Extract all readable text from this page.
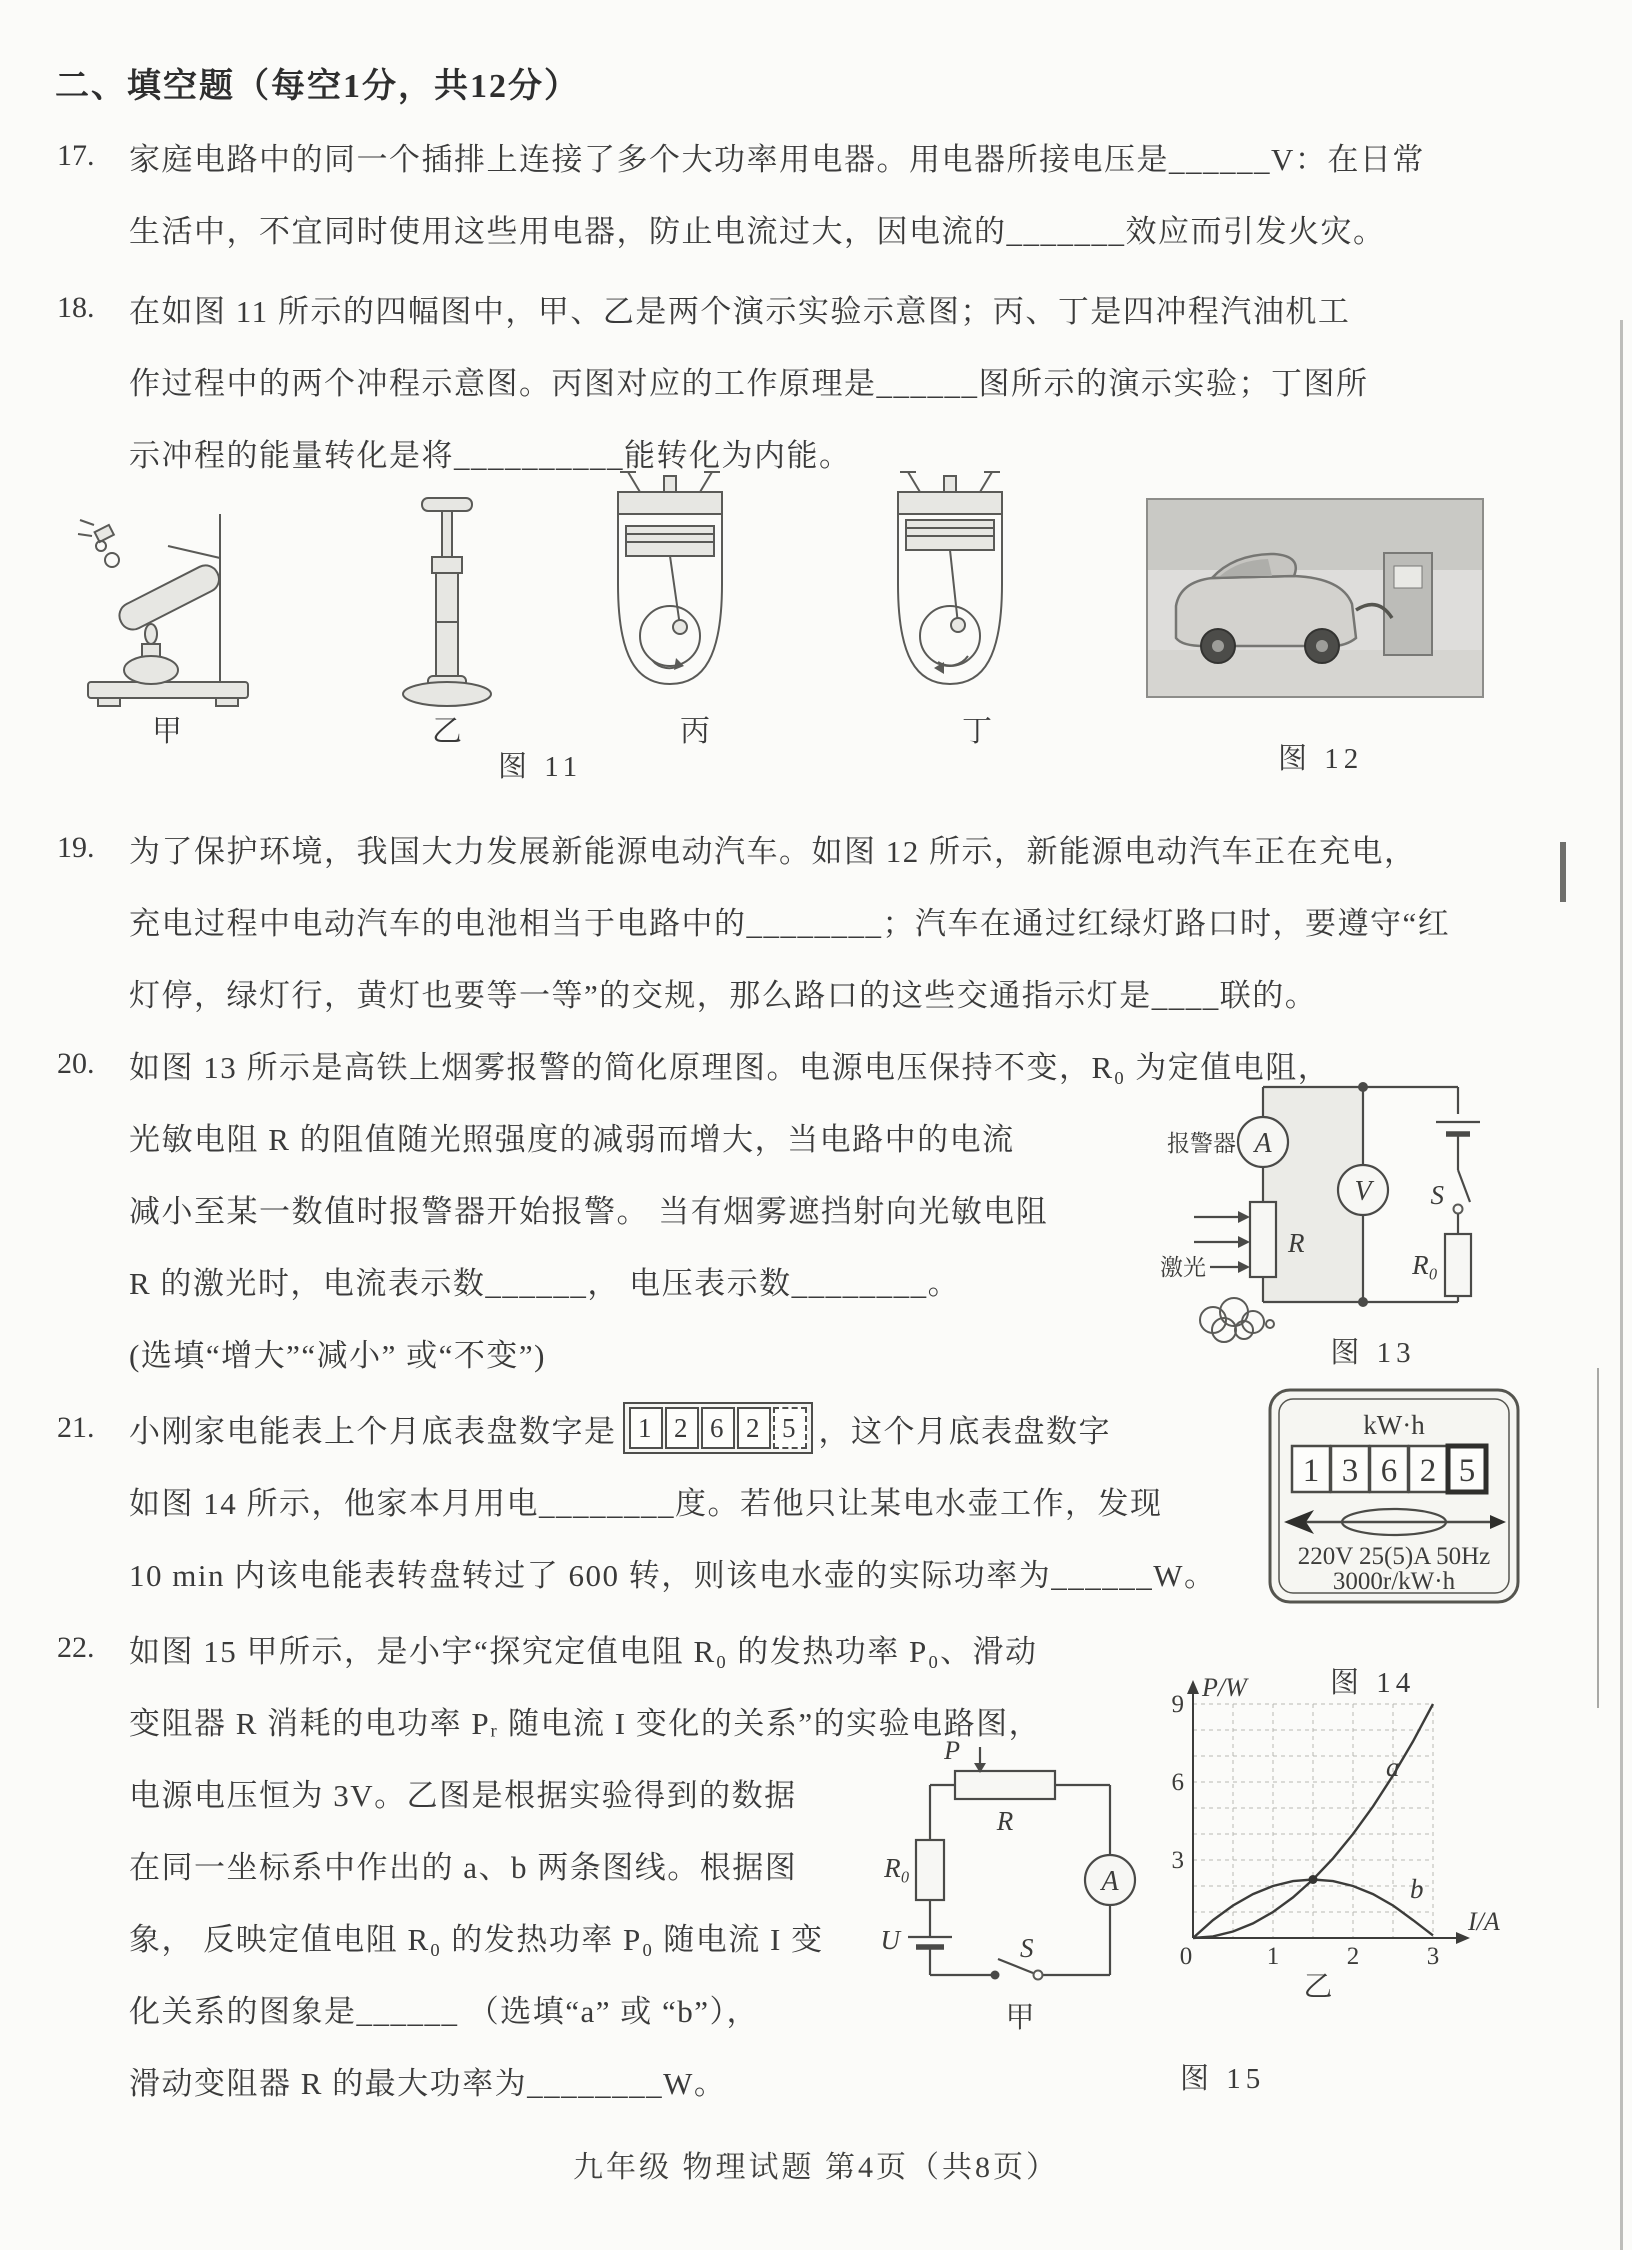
二、填空题（每空1分，共12分）
17. 家庭电路中的同一个插排上连接了多个大功率用电器。用电器所接电压是______V：在日常
生活中，不宜同时使用这些用电器，防止电流过大，因电流的_______效应而引发火灾。
18. 在如图 11 所示的四幅图中，甲、乙是两个演示实验示意图；丙、丁是四冲程汽油机工
作过程中的两个冲程示意图。丙图对应的工作原理是______图所示的演示实验；丁图所
示冲程的能量转化是将__________能转化为内能。
甲	乙	丙	丁
图 11	图 12
19. 为了保护环境，我国大力发展新能源电动汽车。如图 12 所示，新能源电动汽车正在充电，
充电过程中电动汽车的电池相当于电路中的________；汽车在通过红绿灯路口时，要遵守“红
灯停，绿灯行，黄灯也要等一等”的交规，那么路口的这些交通指示灯是____联的。
20. 如图 13 所示是高铁上烟雾报警的简化原理图。电源电压保持不变，R₀ 为定值电阻，
光敏电阻 R 的阻值随光照强度的减弱而增大，当电路中的电流
减小至某一数值时报警器开始报警。 当有烟雾遮挡射向光敏电阻
R 的激光时，电流表示数______， 电压表示数________。
(选填“增大”“减小” 或“不变”)
A
报警器
R
激光
V S
R₀
图 13
21. 小刚家电能表上个月底表盘数字是 1 2 6 2 5 ，这个月底表盘数字
如图 14 所示，他家本月用电________度。若他只让某电水壶工作，发现
10 min 内该电能表转盘转过了 600 转，则该电水壶的实际功率为______W。
kW·h
1 3 6 2 5
220V 25(5)A 50Hz
3000r/kW·h
图 14
22. 如图 15 甲所示，是小宇“探究定值电阻 R₀ 的发热功率 P₀、滑动
变阻器 R 消耗的电功率 Pᵣ 随电流 I 变化的关系”的实验电路图，
电源电压恒为 3V。乙图是根据实验得到的数据
在同一坐标系中作出的 a、b 两条图线。根据图
象， 反映定值电阻 R₀ 的发热功率 P₀ 随电流 I 变
化关系的图象是______ （选填“a” 或 “b”），
滑动变阻器 R 的最大功率为________W。
P
R
A
S
U
R₀
甲
9
6
3
0	1	2	3
P/W
I/A
a
b
乙
图 15
九年级 物理试题 第4页（共8页）
